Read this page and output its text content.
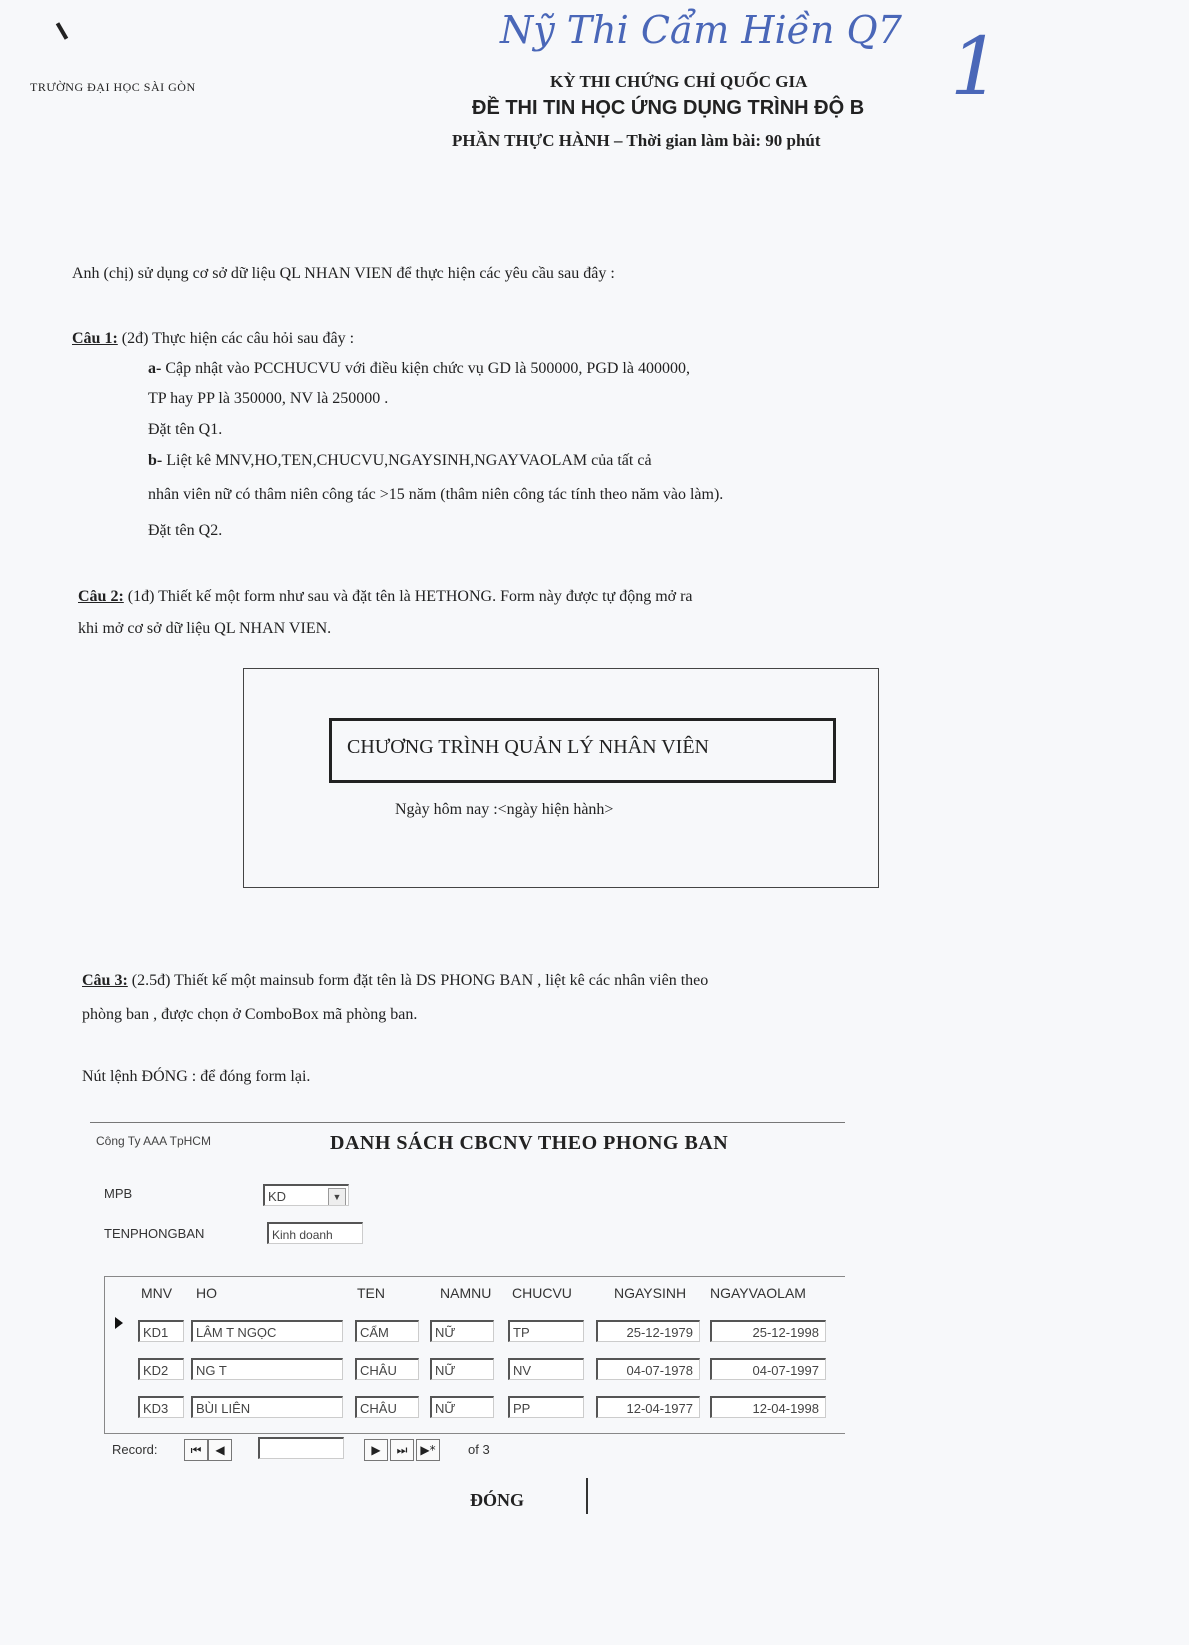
Nỹ Thi Cẩm Hiền Q7 1
TRƯỜNG ĐẠI HỌC SÀI GÒN	KỲ THI CHỨNG CHỈ QUỐC GIA
ĐỀ THI TIN HỌC ỨNG DỤNG TRÌNH ĐỘ B
PHẦN THỰC HÀNH – Thời gian làm bài: 90 phút
Anh (chị) sử dụng cơ sở dữ liệu QL NHAN VIEN để thực hiện các yêu cầu sau đây :
Câu 1: (2đ) Thực hiện các câu hỏi sau đây :
a- Cập nhật vào PCCHUCVU với điều kiện chức vụ GD là 500000, PGD là 400000,
TP hay PP là 350000, NV là 250000 .
Đặt tên Q1.
b- Liệt kê MNV,HO,TEN,CHUCVU,NGAYSINH,NGAYVAOLAM của tất cả
nhân viên nữ có thâm niên công tác >15 năm (thâm niên công tác tính theo năm vào làm).
Đặt tên Q2.
Câu 2: (1đ) Thiết kế một form như sau và đặt tên là HETHONG. Form này được tự động mở ra
khi mở cơ sở dữ liệu QL NHAN VIEN.
CHƯƠNG TRÌNH QUẢN LÝ NHÂN VIÊN
Ngày hôm nay :<ngày hiện hành>
Câu 3: (2.5đ) Thiết kế một mainsub form đặt tên là DS PHONG BAN , liệt kê các nhân viên theo
phòng ban , được chọn ở ComboBox mã phòng ban.
Nút lệnh ĐÓNG : để đóng form lại.
Công Ty AAA TpHCM	DANH SÁCH CBCNV THEO PHONG BAN
MPB	KD	▼
TENPHONGBAN	Kinh doanh
MNV HO	TEN	NAMNU CHUCVU	NGAYSINH NGAYVAOLAM
KD1	LÂM T NGỌC	CẨM	NỮ	TP	25-12-1979	25-12-1998
KD2	NG T	CHÂU	NỮ	NV	04-07-1978	04-07-1997
KD3	BÙI LIÊN	CHÂU	NỮ	PP	12-04-1977	12-04-1998
Record:	⏮	◀	▶	⏭	▶*	of 3
ĐÓNG
